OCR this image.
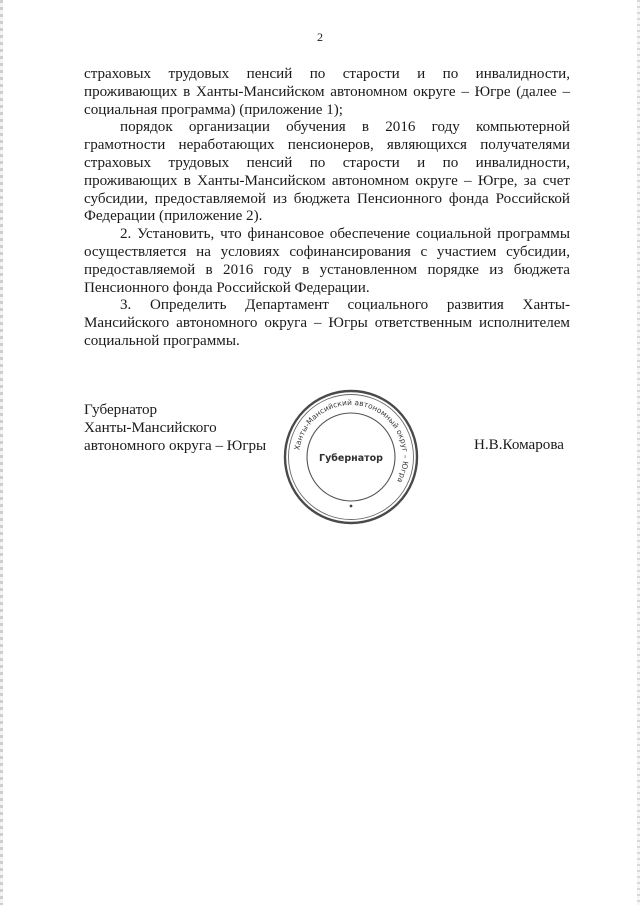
2

страховых трудовых пенсий по старости и по инвалидности, проживающих в Ханты-Мансийском автономном округе – Югре (далее – социальная программа) (приложение 1);

порядок организации обучения в 2016 году компьютерной грамотности неработающих пенсионеров, являющихся получателями страховых трудовых пенсий по старости и по инвалидности, проживающих в Ханты-Мансийском автономном округе – Югре, за счет субсидии, предоставляемой из бюджета Пенсионного фонда Российской Федерации (приложение 2).

2. Установить, что финансовое обеспечение социальной программы осуществляется на условиях софинансирования с участием субсидии, предоставляемой в 2016 году в установленном порядке из бюджета Пенсионного фонда Российской Федерации.

3. Определить Департамент социального развития Ханты-Мансийского автономного округа – Югры ответственным исполнителем социальной программы.

Губернатор
Ханты-Мансийского
автономного округа – Югры	Н.В.Комарова
Ханты-Мансийский автономный округ – Югра
Губернатор
